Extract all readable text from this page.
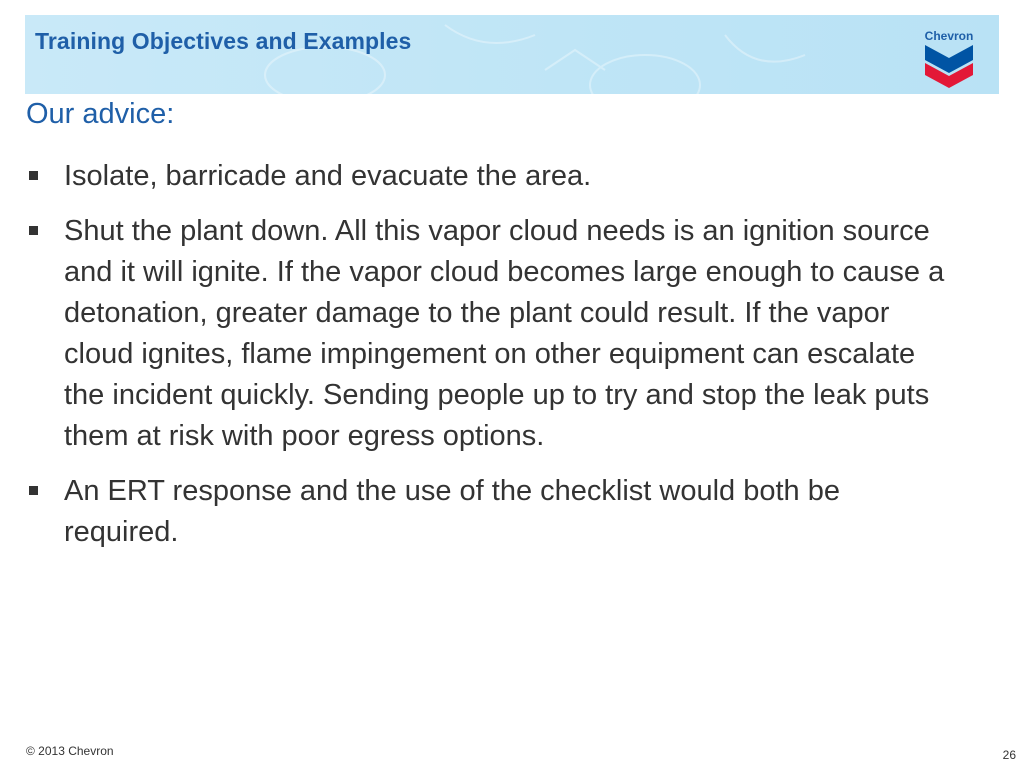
Training Objectives and Examples	Chevron
Our advice:
Isolate, barricade and evacuate the area.
Shut the plant down. All this vapor cloud needs is an ignition source and it will ignite. If the vapor cloud becomes large enough to cause a detonation, greater damage to the plant could result. If the vapor cloud ignites, flame impingement on other equipment can escalate the incident quickly. Sending people up to try and stop the leak puts them at risk with poor egress options.
An ERT response and the use of the checklist would both be required.
© 2013 Chevron	26
